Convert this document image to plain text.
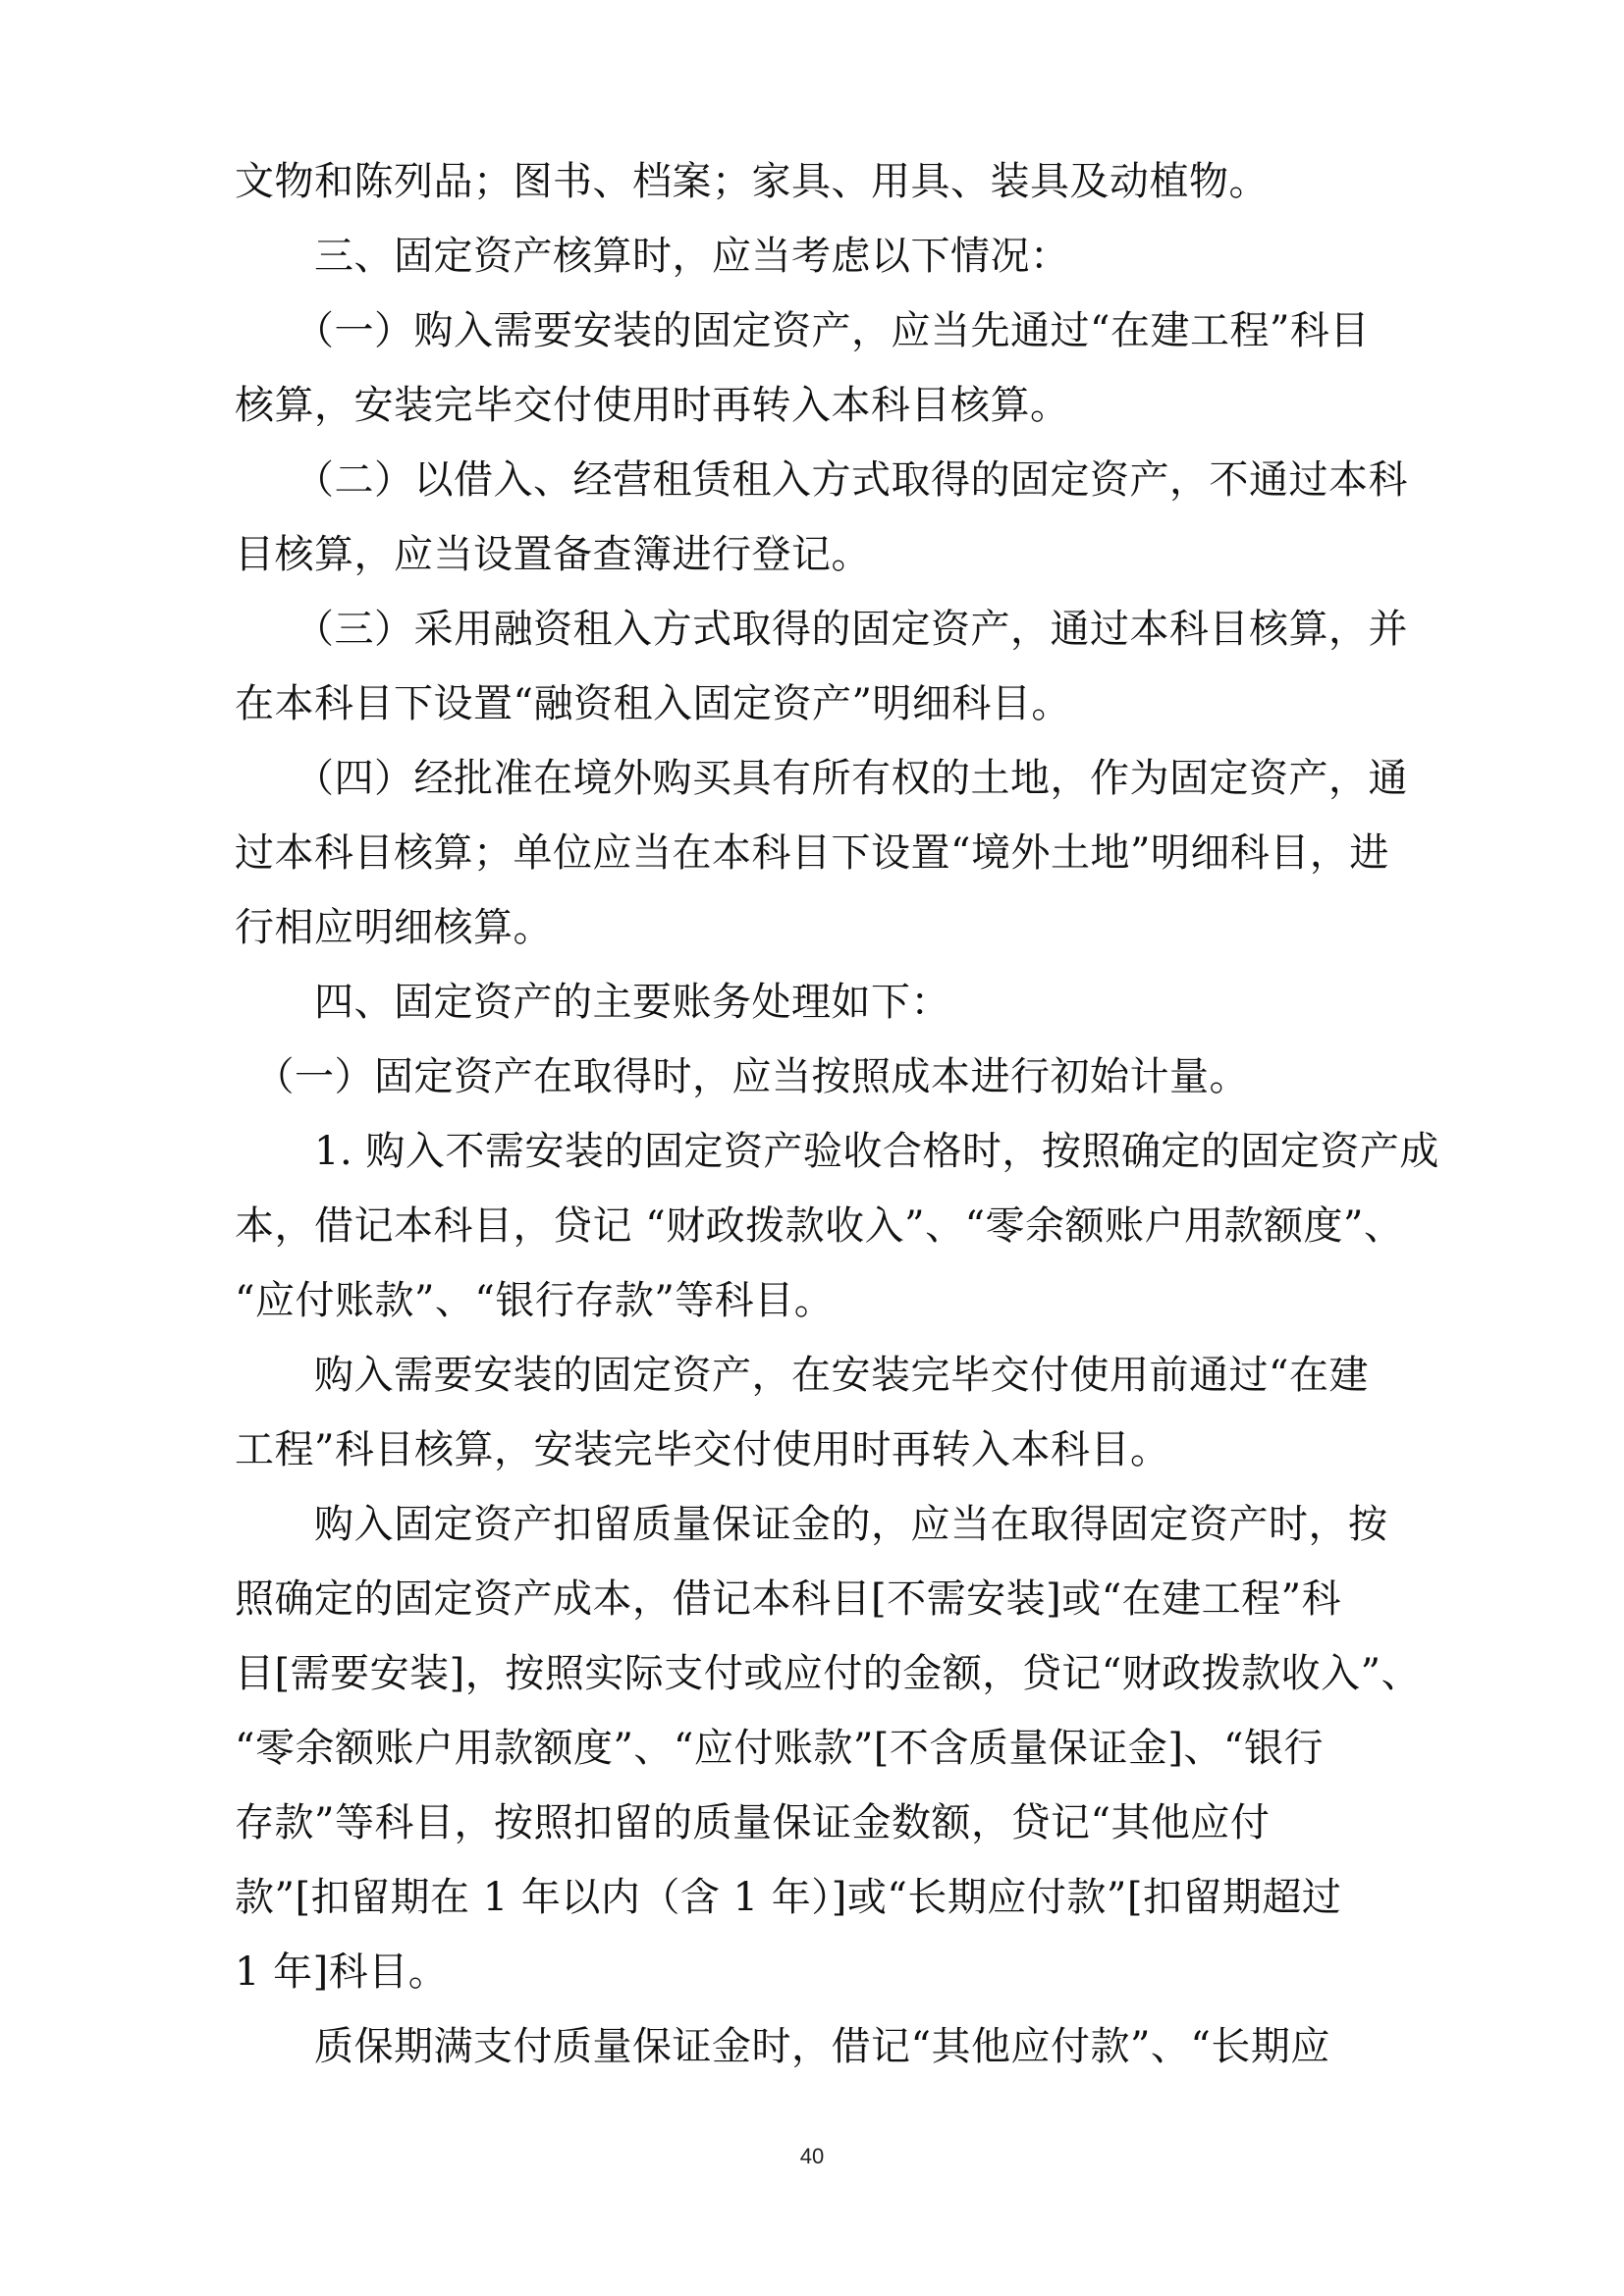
文物和陈列品；图书、档案；家具、用具、装具及动植物。
　　三、固定资产核算时，应当考虑以下情况：
　　（一）购入需要安装的固定资产，应当先通过“在建工程”科目
核算，安装完毕交付使用时再转入本科目核算。
　　（二）以借入、经营租赁租入方式取得的固定资产，不通过本科
目核算，应当设置备查簿进行登记。
　　（三）采用融资租入方式取得的固定资产，通过本科目核算，并
在本科目下设置“融资租入固定资产”明细科目。
　　（四）经批准在境外购买具有所有权的土地，作为固定资产，通
过本科目核算；单位应当在本科目下设置“境外土地”明细科目，进
行相应明细核算。
　　四、固定资产的主要账务处理如下：
　（一）固定资产在取得时，应当按照成本进行初始计量。
　　1. 购入不需安装的固定资产验收合格时，按照确定的固定资产成
本，借记本科目，贷记 “财政拨款收入”、“零余额账户用款额度”、
“应付账款”、“银行存款”等科目。
　　购入需要安装的固定资产，在安装完毕交付使用前通过“在建
工程”科目核算，安装完毕交付使用时再转入本科目。
　　购入固定资产扣留质量保证金的，应当在取得固定资产时，按
照确定的固定资产成本，借记本科目[不需安装]或“在建工程”科
目[需要安装]，按照实际支付或应付的金额，贷记“财政拨款收入”、
“零余额账户用款额度”、“应付账款”[不含质量保证金]、“银行
存款”等科目，按照扣留的质量保证金数额，贷记“其他应付
款”[扣留期在 1 年以内（含 1 年）]或“长期应付款”[扣留期超过
1 年]科目。
　　质保期满支付质量保证金时，借记“其他应付款”、“长期应
40
